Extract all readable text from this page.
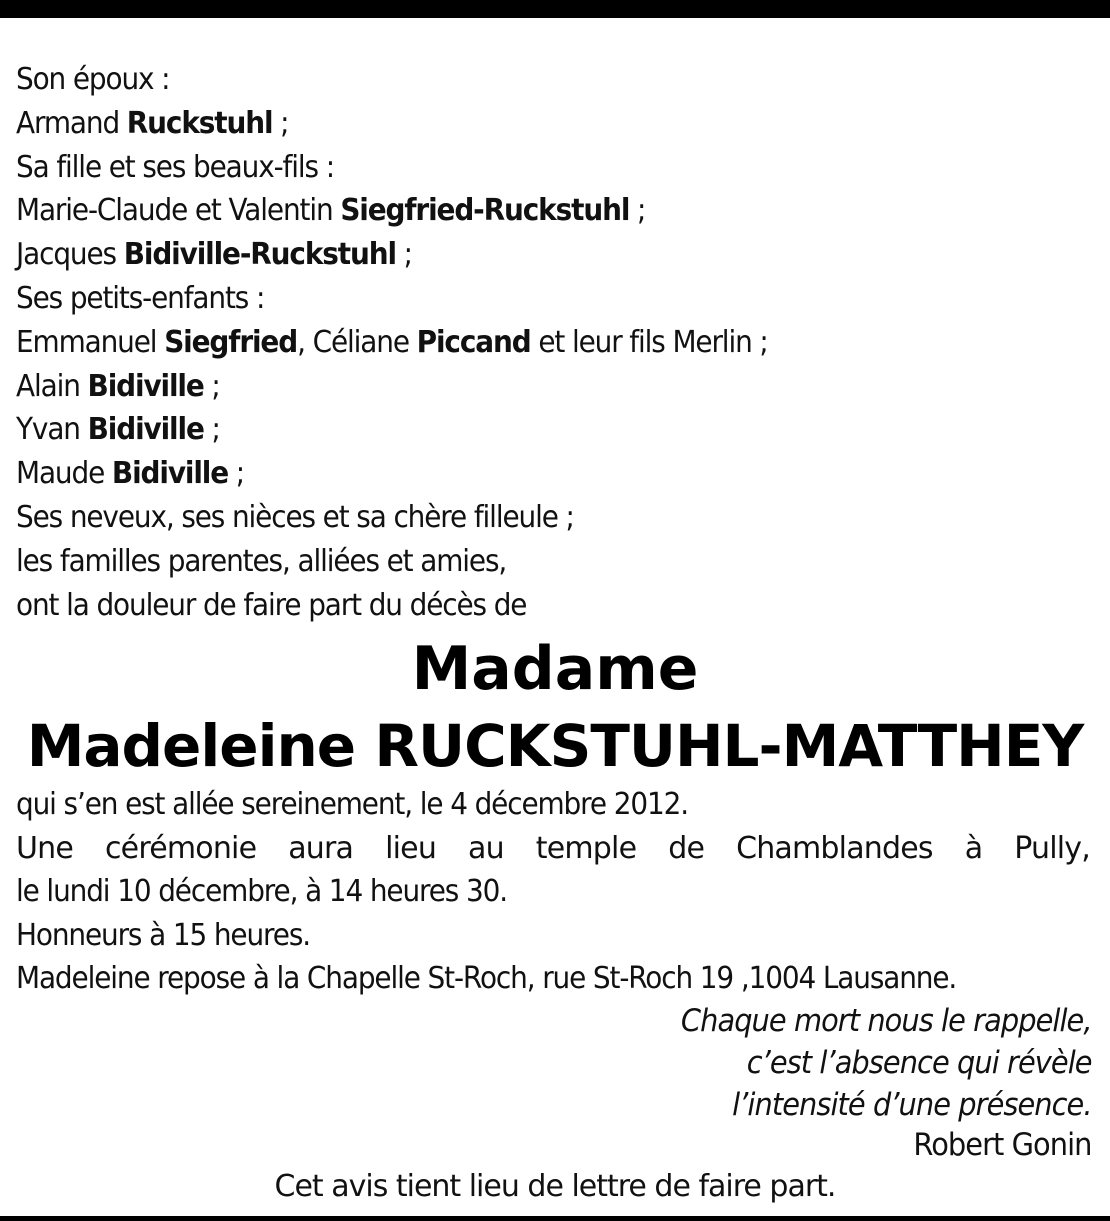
Son époux :
Armand Ruckstuhl ;
Sa fille et ses beaux-fils :
Marie-Claude et Valentin Siegfried-Ruckstuhl ;
Jacques Bidiville-Ruckstuhl ;
Ses petits-enfants :
Emmanuel Siegfried, Céliane Piccand et leur fils Merlin ;
Alain Bidiville ;
Yvan Bidiville ;
Maude Bidiville ;
Ses neveux, ses nièces et sa chère filleule ;
les familles parentes, alliées et amies,
ont la douleur de faire part du décès de
Madame
Madeleine RUCKSTUHL-MATTHEY
qui s’en est allée sereinement, le 4 décembre 2012.
Une cérémonie aura lieu au temple de Chamblandes à Pully,
le lundi 10 décembre, à 14 heures 30.
Honneurs à 15 heures.
Madeleine repose à la Chapelle St-Roch, rue St-Roch 19 ,1004 Lausanne.
Chaque mort nous le rappelle,
c’est l’absence qui révèle
l’intensité d’une présence.
Robert Gonin
Cet avis tient lieu de lettre de faire part.
